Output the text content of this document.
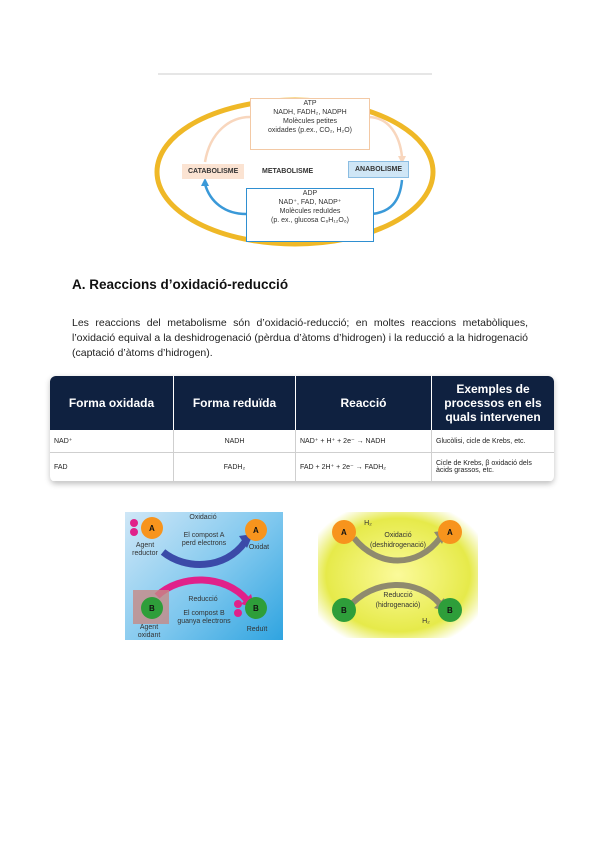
ATP
NADH, FADH₂, NADPH
Molècules petites
oxidades (p.ex., CO₂, H₂O)
CATABOLISME	METABOLISME	ANABOLISME
ADP
NAD⁺, FAD, NADP⁺
Molècules reduïdes
(p. ex., glucosa C₆H₁₂O₆)
A. Reaccions d’oxidació-reducció

Les reaccions del metabolisme són d’oxidació-reducció; en moltes reaccions metabòliques, l’oxidació equival a la deshidrogenació (pèrdua d’àtoms d’hidrogen) i la reducció a la hidrogenació (captació d’àtoms d’hidrogen).

Forma oxidada	Forma reduïda	Reacció	Exemples de processos en els quals intervenen
NAD⁺	NADH	NAD⁺ + H⁺ + 2e⁻ → NADH	Glucòlisi, cicle de Krebs, etc.
FAD	FADH₂	FAD + 2H⁺ + 2e⁻ → FADH₂	Cicle de Krebs, β oxidació dels àcids grassos, etc.
A	A
B	B
Oxidació
El compost A
perd electrons
Agent
reductor
Oxidat
Reducció
El compost B
guanya electrons
Agent
oxidant
Reduït
A	A
B	B
H₂
Oxidació
(deshidrogenació)
Reducció
(hidrogenació)
H₂
